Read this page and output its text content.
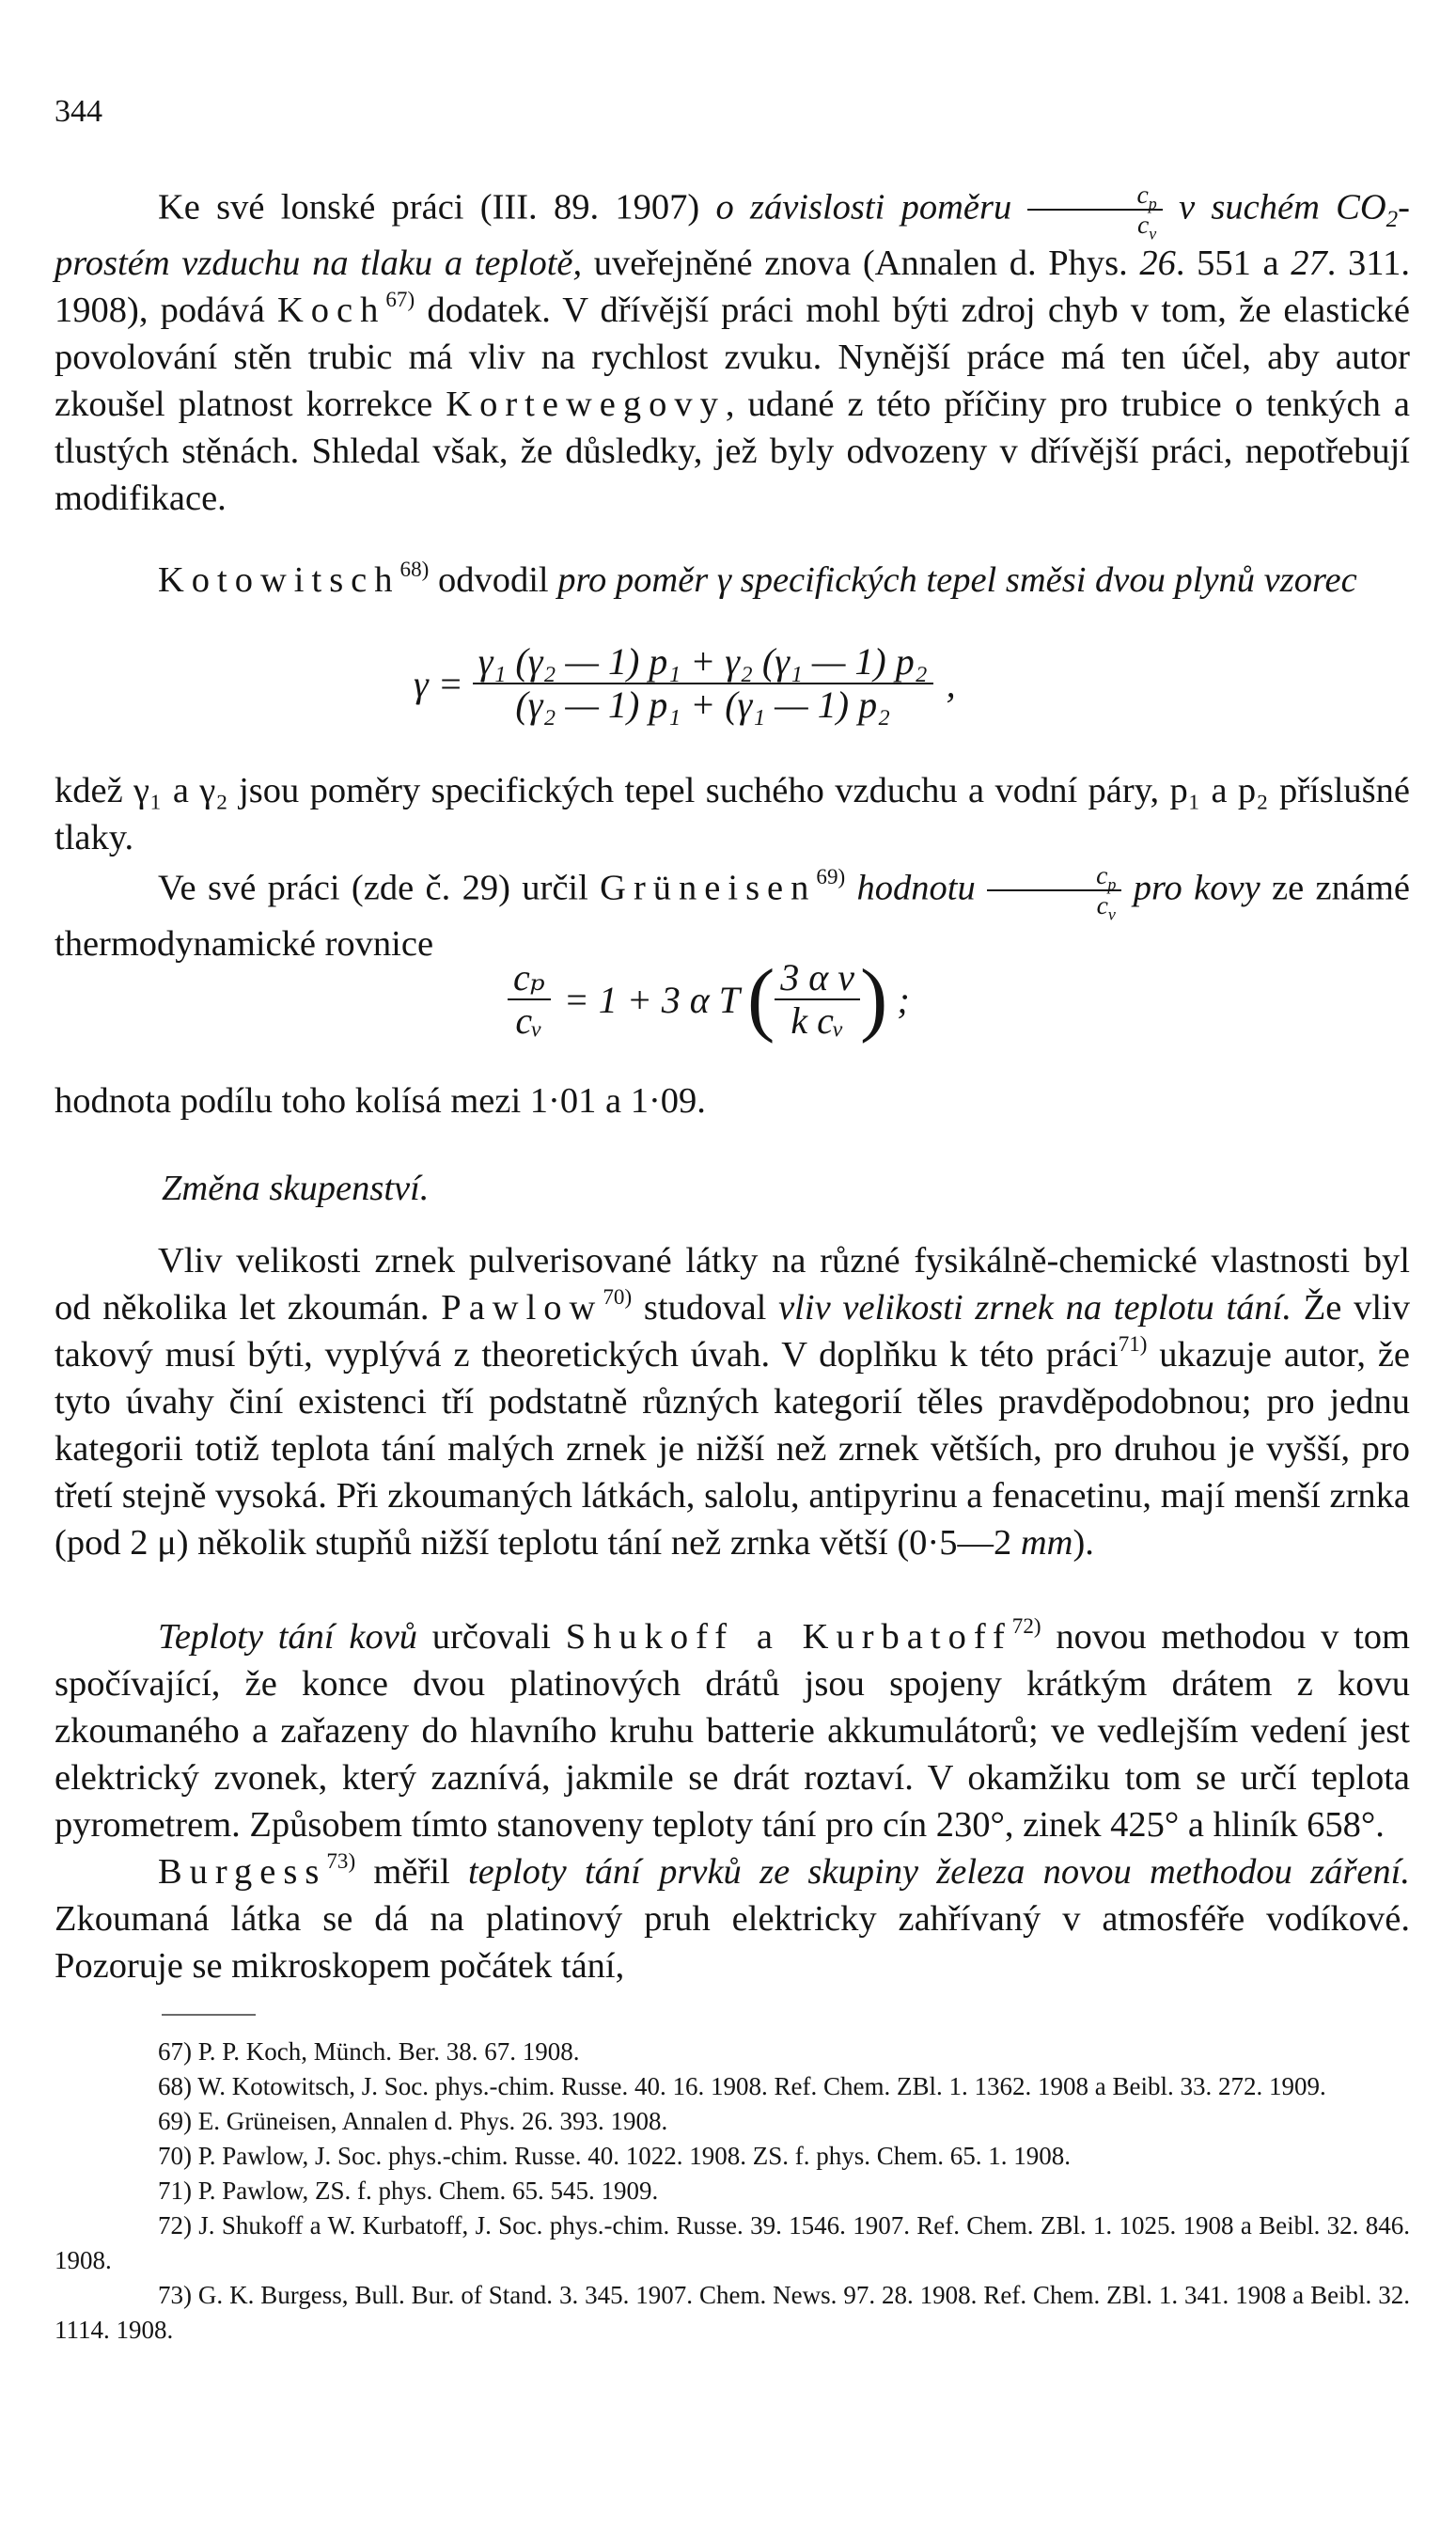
344

Ke své lonské práci (III. 89. 1907) o závislosti poměru $\frac{c_p}{c_v}$ v suchém $CO_2$-prostém vzduchu na tlaku a teplotě, uveřejněné znova (Annalen d. Phys. 26. 551 a 27. 311. 1908), podává Koch$^{67)}$ dodatek. V dřívější práci mohl býti zdroj chyb v tom, že elastické povolování stěn trubic má vliv na rychlost zvuku. Nynější práce má ten účel, aby autor zkoušel platnost korrekce Kortewegovy, udané z této příčiny pro trubice o tenkých a tlustých stěnách. Shledal však, že důsledky, jež byly odvozeny v dřívější práci, nepotřebují modifikace.

Kotowitsch$^{68)}$ odvodil pro poměr γ specifických tepel směsi dvou plynů vzorec

$\gamma = \frac{\text{γ₁ (γ₂ — 1) p₁ + γ₂ (γ₁ — 1) p₂}}{\text{(γ₂ — 1) p₁ + (γ₁ — 1) p₂}}$ ,

kdež γ₁ a γ₂ jsou poměry specifických tepel suchého vzduchu a vodní páry, p₁ a p₂ příslušné tlaky.

Ve své práci (zde č. 29) určil Grüneisen$^{69)}$ hodnotu $\frac{c_p}{c_v}$ pro kovy ze známé thermodynamické rovnice

$\frac{\text{cₚ}}{\text{cᵥ}} = 1 + 3$ α T ( $\frac{\text{3 α v}}{\text{k cᵥ}}$ ) ;

hodnota podílu toho kolísá mezi 1·01 a 1·09.

Změna skupenství.

Vliv velikosti zrnek pulverisované látky na různé fysikálně-chemické vlastnosti byl od několika let zkoumán. Pawlow$^{70)}$ studoval vliv velikosti zrnek na teplotu tání. Že vliv takový musí býti, vyplývá z theoretických úvah. V doplňku k této práci$^{71)}$ ukazuje autor, že tyto úvahy činí existenci tří podstatně různých kategorií těles pravděpodobnou; pro jednu kategorii totiž teplota tání malých zrnek je nižší než zrnek větších, pro druhou je vyšší, pro třetí stejně vysoká. Při zkoumaných látkách, salolu, antipyrinu a fenacetinu, mají menší zrnka (pod 2 μ) několik stupňů nižší teplotu tání než zrnka větší (0·5—2 mm).

Teploty tání kovů určovali Shukoff a Kurbatoff$^{72)}$ novou methodou v tom spočívající, že konce dvou platinových drátů jsou spojeny krátkým drátem z kovu zkoumaného a zařazeny do hlavního kruhu batterie akkumulátorů; ve vedlejším vedení jest elektrický zvonek, který zaznívá, jakmile se drát roztaví. V okamžiku tom se určí teplota pyrometrem. Způsobem tímto stanoveny teploty tání pro cín 230°, zinek 425° a hliník 658°.

Burgess$^{73)}$ měřil teploty tání prvků ze skupiny železa novou methodou záření. Zkoumaná látka se dá na platinový pruh elektricky zahřívaný v atmosféře vodíkové. Pozoruje se mikroskopem počátek tání,

67) P. P. Koch, Münch. Ber. 38. 67. 1908.

68) W. Kotowitsch, J. Soc. phys.-chim. Russe. 40. 16. 1908. Ref. Chem. ZBl. 1. 1362. 1908 a Beibl. 33. 272. 1909.

69) E. Grüneisen, Annalen d. Phys. 26. 393. 1908.

70) P. Pawlow, J. Soc. phys.-chim. Russe. 40. 1022. 1908. ZS. f. phys. Chem. 65. 1. 1908.

71) P. Pawlow, ZS. f. phys. Chem. 65. 545. 1909.

72) J. Shukoff a W. Kurbatoff, J. Soc. phys.-chim. Russe. 39. 1546. 1907. Ref. Chem. ZBl. 1. 1025. 1908 a Beibl. 32. 846. 1908.

73) G. K. Burgess, Bull. Bur. of Stand. 3. 345. 1907. Chem. News. 97. 28. 1908. Ref. Chem. ZBl. 1. 341. 1908 a Beibl. 32. 1114. 1908.
